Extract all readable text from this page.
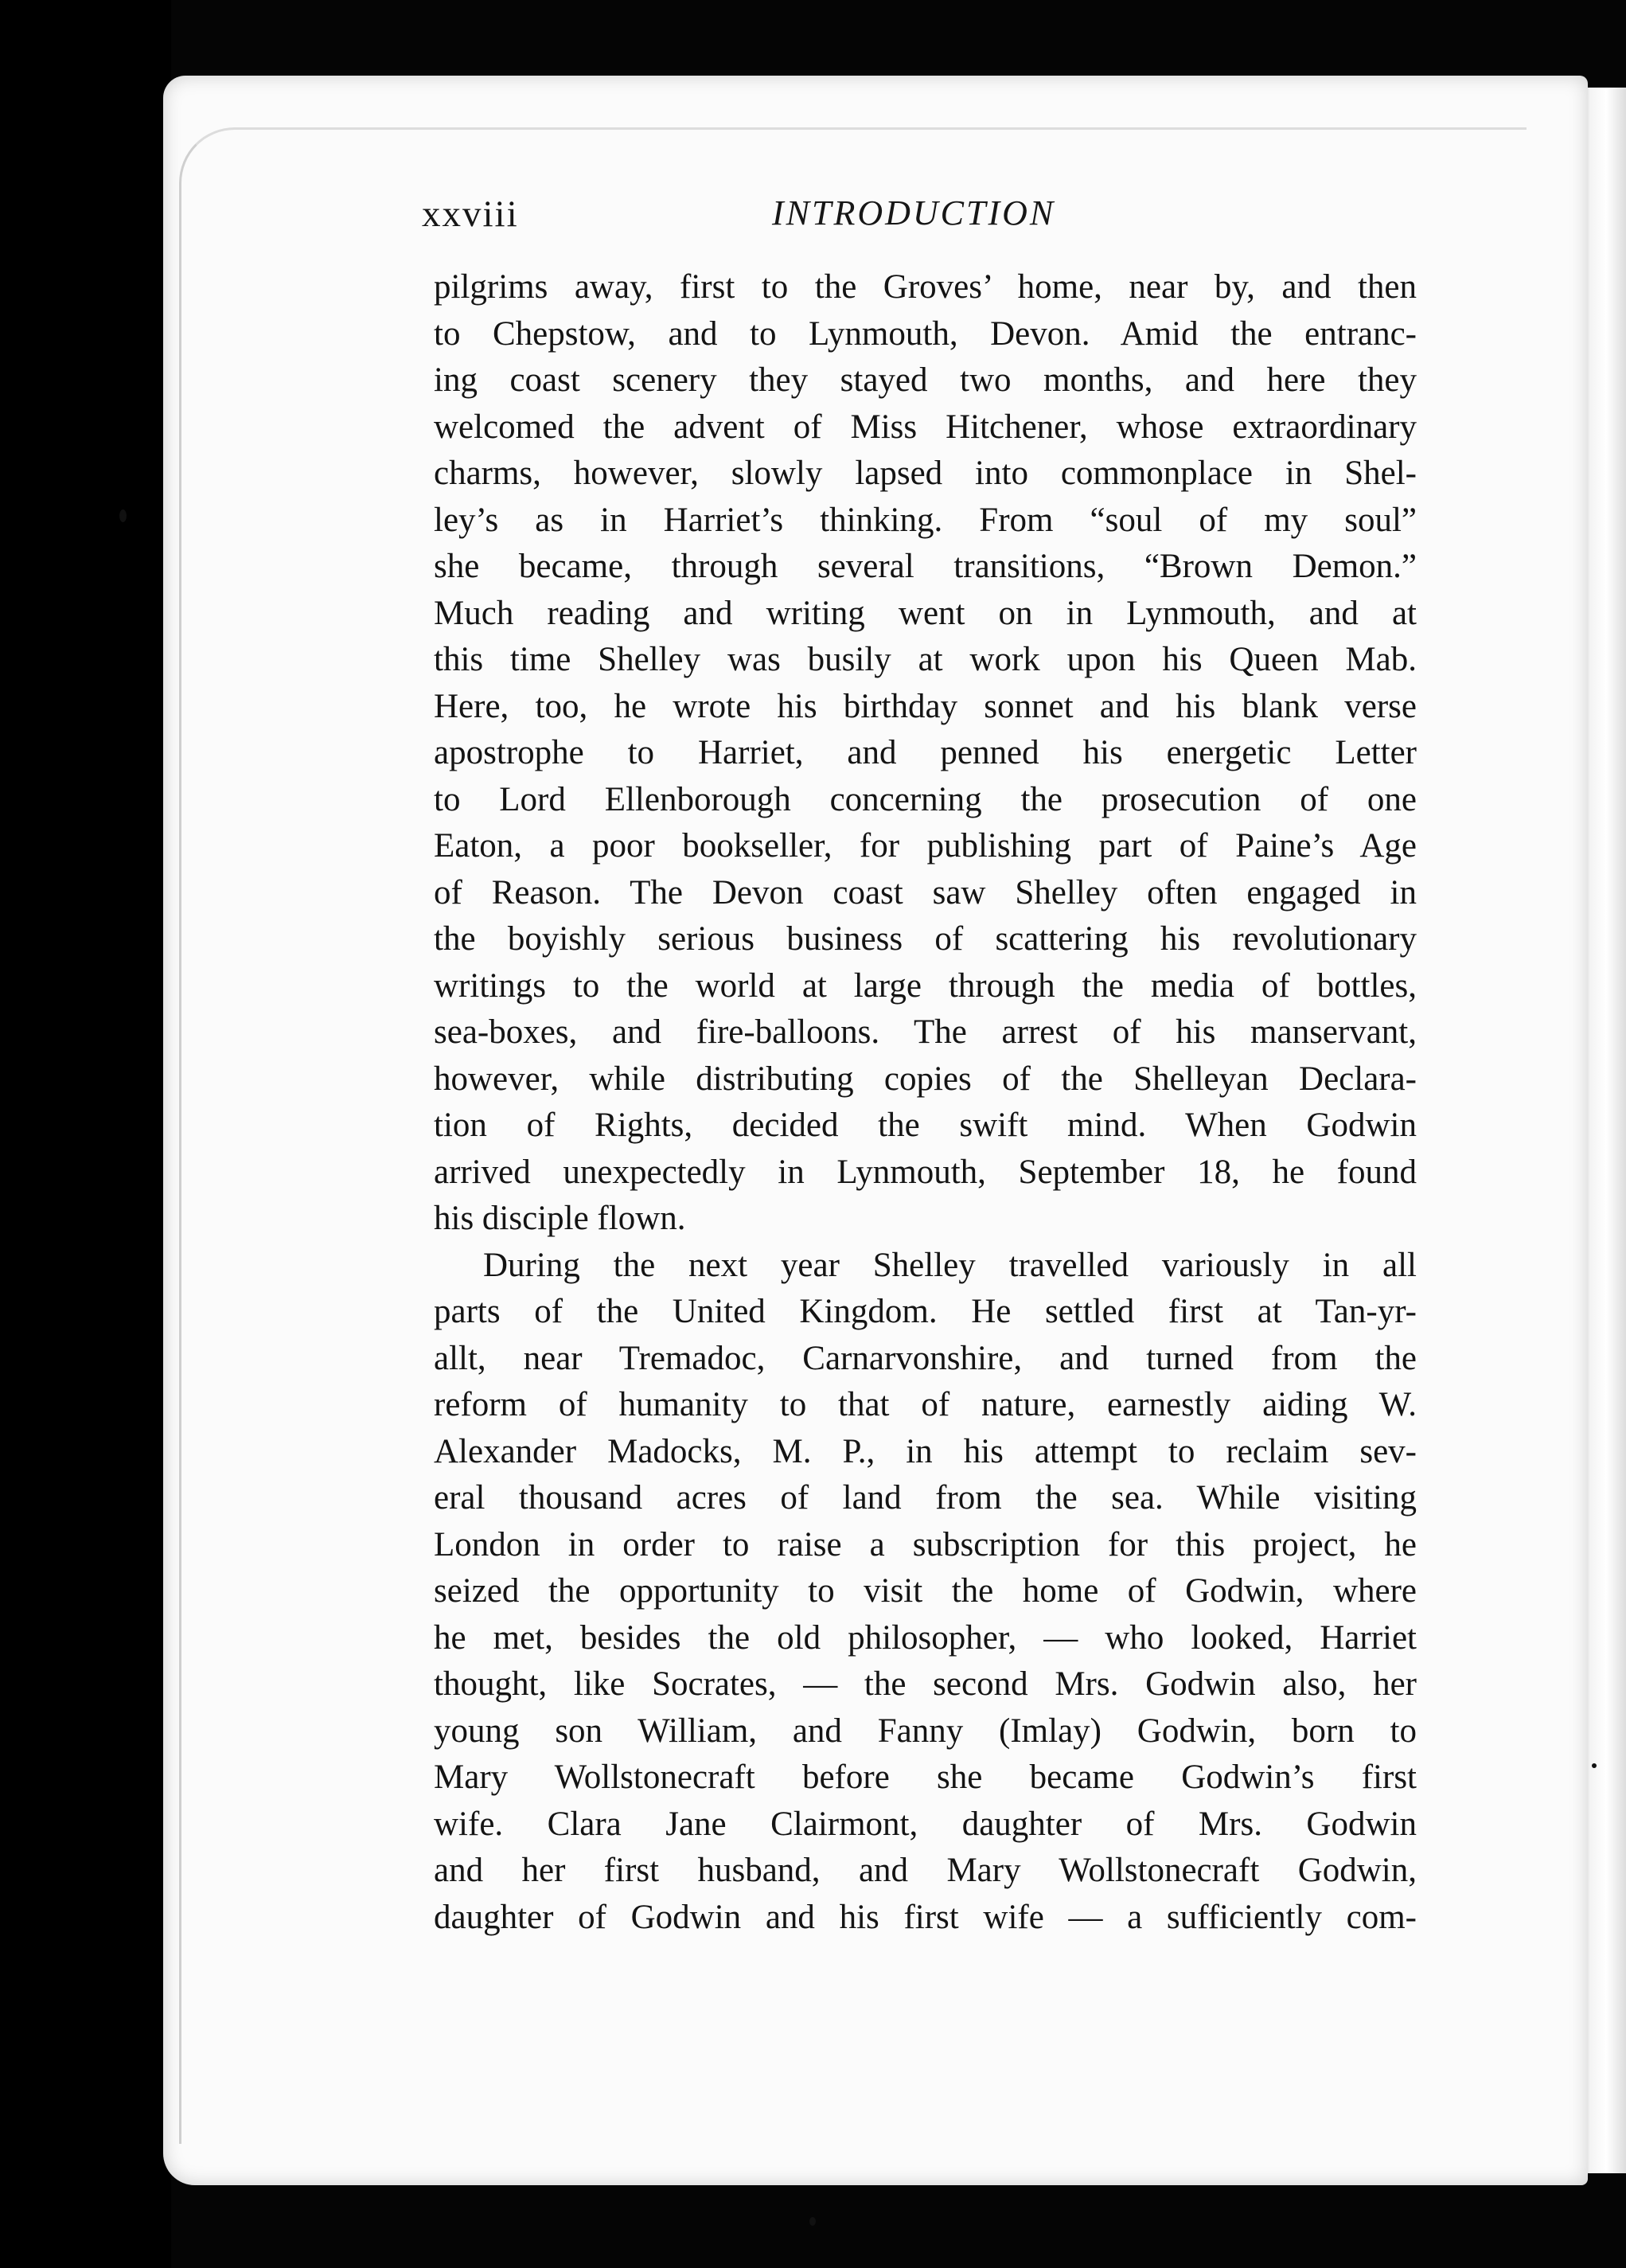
xxviii	INTRODUCTION
pilgrims away, first to the Groves’ home, near by, and then
to Chepstow, and to Lynmouth, Devon. Amid the entranc-
ing coast scenery they stayed two months, and here they
welcomed the advent of Miss Hitchener, whose extraordinary
charms, however, slowly lapsed into commonplace in Shel-
ley’s as in Harriet’s thinking. From “soul of my soul”
she became, through several transitions, “Brown Demon.”
Much reading and writing went on in Lynmouth, and at
this time Shelley was busily at work upon his Queen Mab.
Here, too, he wrote his birthday sonnet and his blank verse
apostrophe to Harriet, and penned his energetic Letter
to Lord Ellenborough concerning the prosecution of one
Eaton, a poor bookseller, for publishing part of Paine’s Age
of Reason. The Devon coast saw Shelley often engaged in
the boyishly serious business of scattering his revolutionary
writings to the world at large through the media of bottles,
sea-boxes, and fire-balloons. The arrest of his manservant,
however, while distributing copies of the Shelleyan Declara-
tion of Rights, decided the swift mind. When Godwin
arrived unexpectedly in Lynmouth, September 18, he found
his disciple flown.
During the next year Shelley travelled variously in all
parts of the United Kingdom. He settled first at Tan-yr-
allt, near Tremadoc, Carnarvonshire, and turned from the
reform of humanity to that of nature, earnestly aiding W.
Alexander Madocks, M. P., in his attempt to reclaim sev-
eral thousand acres of land from the sea. While visiting
London in order to raise a subscription for this project, he
seized the opportunity to visit the home of Godwin, where
he met, besides the old philosopher, — who looked, Harriet
thought, like Socrates, — the second Mrs. Godwin also, her
young son William, and Fanny (Imlay) Godwin, born to
Mary Wollstonecraft before she became Godwin’s first
wife. Clara Jane Clairmont, daughter of Mrs. Godwin
and her first husband, and Mary Wollstonecraft Godwin,
daughter of Godwin and his first wife — a sufficiently com-
